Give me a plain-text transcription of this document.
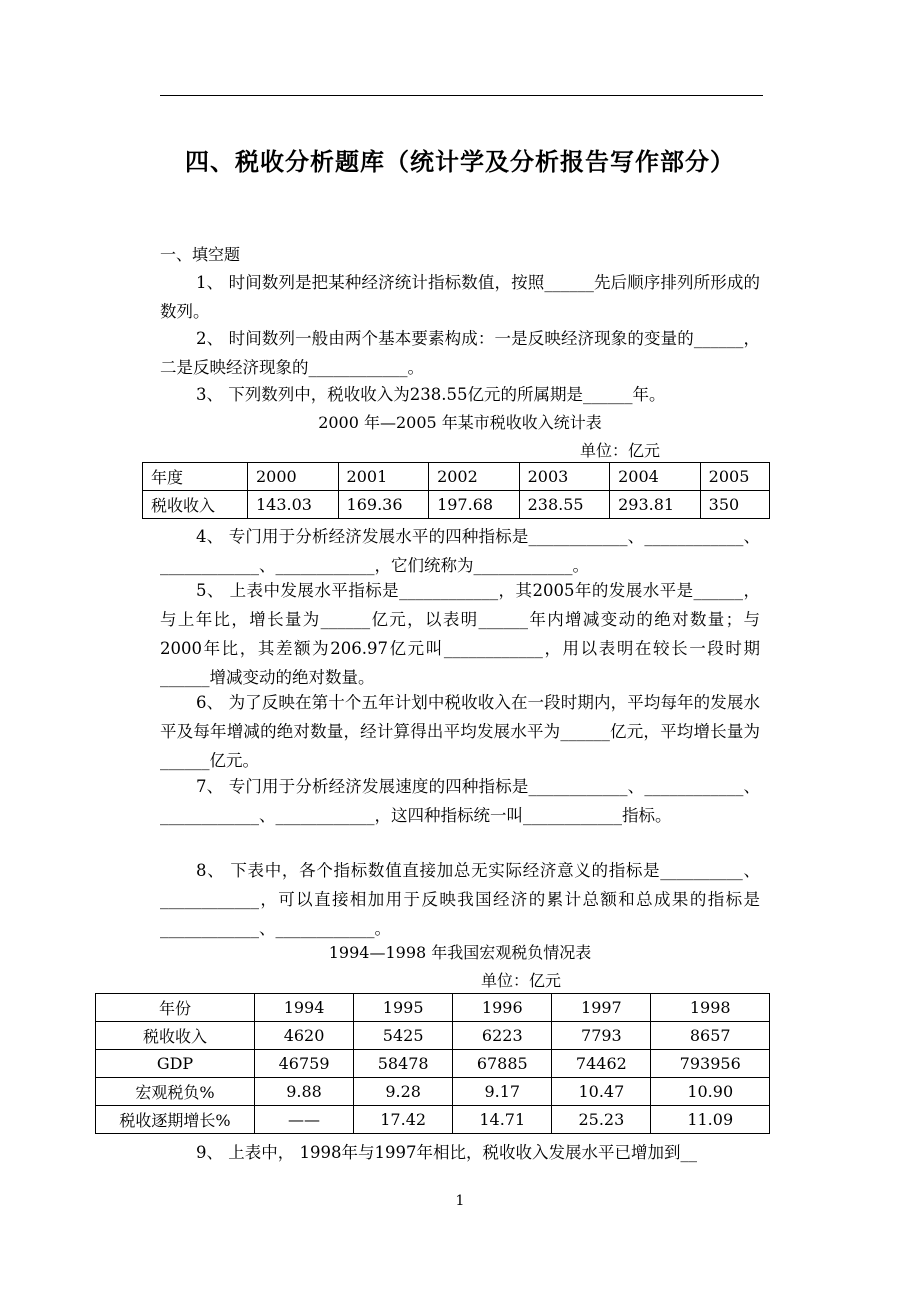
四、税收分析题库（统计学及分析报告写作部分）
一、填空题
1、 时间数列是把某种经济统计指标数值，按照______先后顺序排列所形成的数列。
2、 时间数列一般由两个基本要素构成：一是反映经济现象的变量的______，二是反映经济现象的____________。
3、 下列数列中，税收收入为238.55亿元的所属期是______年。
2000 年—2005 年某市税收收入统计表
单位：亿元
年度	2000	2001	2002	2003	2004	2005
税收收入	143.03	169.36	197.68	238.55	293.81	350
4、 专门用于分析经济发展水平的四种指标是____________、____________、____________、____________，它们统称为____________。
5、 上表中发展水平指标是____________，其2005年的发展水平是______，与上年比，增长量为______亿元，以表明______年内增减变动的绝对数量；与2000年比，其差额为206.97亿元叫____________，用以表明在较长一段时期______增减变动的绝对数量。
6、 为了反映在第十个五年计划中税收收入在一段时期内，平均每年的发展水平及每年增减的绝对数量，经计算得出平均发展水平为______亿元，平均增长量为______亿元。
7、 专门用于分析经济发展速度的四种指标是____________、____________、____________、____________，这四种指标统一叫____________指标。
8、 下表中，各个指标数值直接加总无实际经济意义的指标是__________、____________，可以直接相加用于反映我国经济的累计总额和总成果的指标是____________、____________。
1994—1998 年我国宏观税负情况表
单位：亿元
年份	1994	1995	1996	1997	1998
税收收入	4620	5425	6223	7793	8657
GDP	46759	58478	67885	74462	793956
宏观税负%	9.88	9.28	9.17	10.47	10.90
税收逐期增长%	——	17.42	14.71	25.23	11.09
9、 上表中， 1998年与1997年相比，税收收入发展水平已增加到__
1
